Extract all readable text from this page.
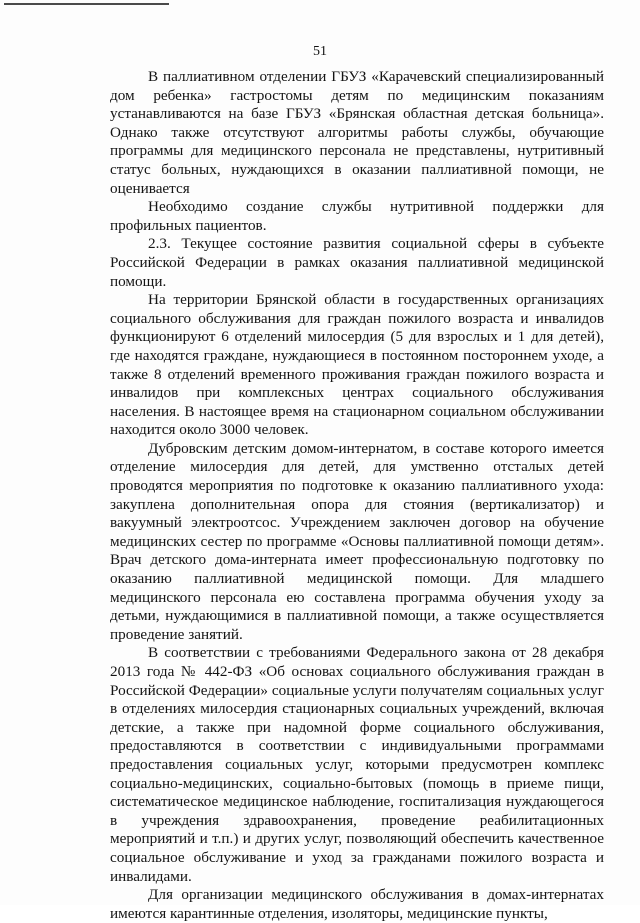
51

В паллиативном отделении ГБУЗ «Карачевский специализированный дом ребенка» гастростомы детям по медицинским показаниям устанавливаются на базе ГБУЗ «Брянская областная детская больница». Однако также отсутствуют алгоритмы работы службы, обучающие программы для медицинского персонала не представлены, нутритивный статус больных, нуждающихся в оказании паллиативной помощи, не оценивается

Необходимо создание службы нутритивной поддержки для профильных пациентов.

2.3. Текущее состояние развития социальной сферы в субъекте Российской Федерации в рамках оказания паллиативной медицинской помощи.

На территории Брянской области в государственных организациях социального обслуживания для граждан пожилого возраста и инвалидов функционируют 6 отделений милосердия (5 для взрослых и 1 для детей), где находятся граждане, нуждающиеся в постоянном постороннем уходе, а также 8 отделений временного проживания граждан пожилого возраста и инвалидов при комплексных центрах социального обслуживания населения. В настоящее время на стационарном социальном обслуживании находится около 3000 человек.

Дубровским детским домом-интернатом, в составе которого имеется отделение милосердия для детей, для умственно отсталых детей проводятся мероприятия по подготовке к оказанию паллиативного ухода: закуплена дополнительная опора для стояния (вертикализатор) и вакуумный электроотсос. Учреждением заключен договор на обучение медицинских сестер по программе «Основы паллиативной помощи детям». Врач детского дома-интерната имеет профессиональную подготовку по оказанию паллиативной медицинской помощи. Для младшего медицинского персонала ею составлена программа обучения уходу за детьми, нуждающимися в паллиативной помощи, а также осуществляется проведение занятий.

В соответствии с требованиями Федерального закона от 28 декабря 2013 года № 442-ФЗ «Об основах социального обслуживания граждан в Российской Федерации» социальные услуги получателям социальных услуг в отделениях милосердия стационарных социальных учреждений, включая детские, а также при надомной форме социального обслуживания, предоставляются в соответствии с индивидуальными программами предоставления социальных услуг, которыми предусмотрен комплекс социально-медицинских, социально-бытовых (помощь в приеме пищи, систематическое медицинское наблюдение, госпитализация нуждающегося в учреждения здравоохранения, проведение реабилитационных мероприятий и т.п.) и других услуг, позволяющий обеспечить качественное социальное обслуживание и уход за гражданами пожилого возраста и инвалидами.

Для организации медицинского обслуживания в домах-интернатах имеются карантинные отделения, изоляторы, медицинские пункты,
